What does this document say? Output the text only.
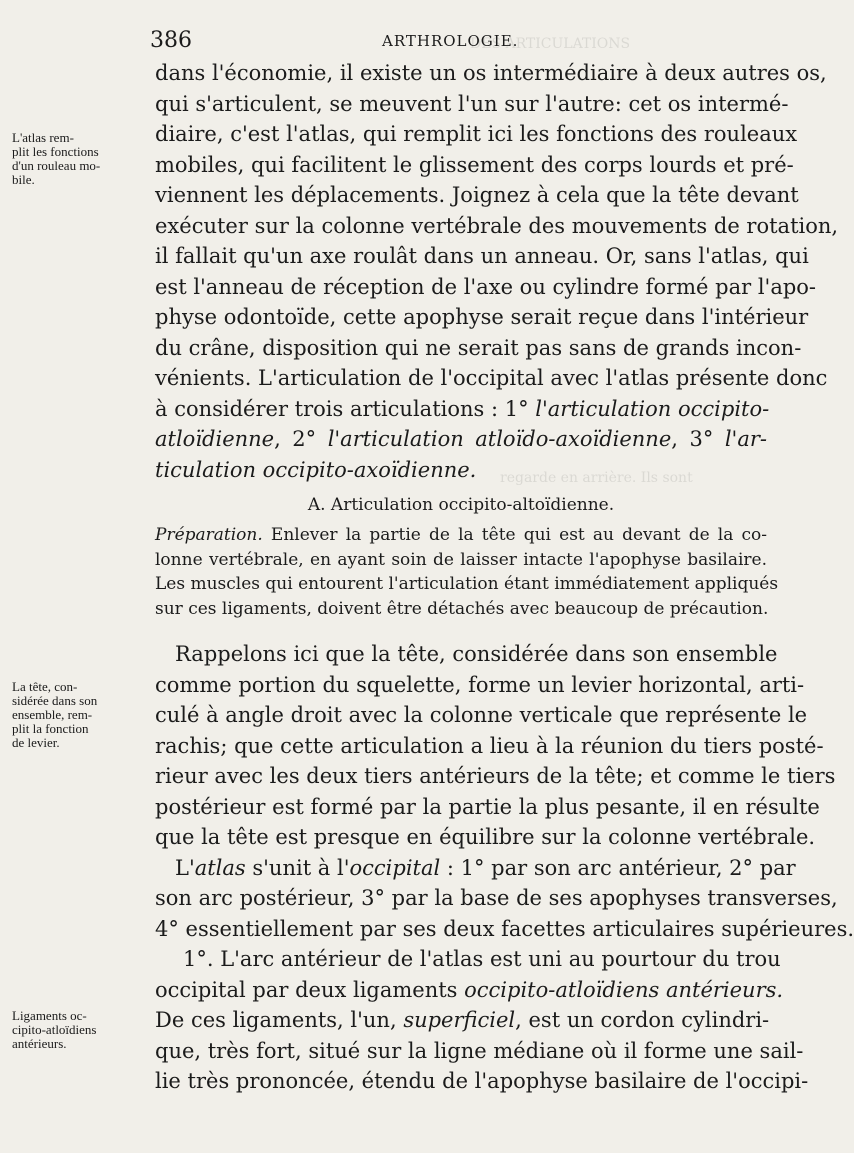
386	ARTHROLOGIE.
DES ARTICULATIONS
regarde en arrière. Ils sont
L'atlas rem-
plit les fonctions
d'un rouleau mo-
bile.
La tête, con-
sidérée dans son
ensemble, rem-
plit la fonction
de levier.
Ligaments oc-
cipito-atloïdiens
antérieurs.
dans l'économie, il existe un os intermédiaire à deux autres os,
qui s'articulent, se meuvent l'un sur l'autre: cet os intermé-
diaire, c'est l'atlas, qui remplit ici les fonctions des rouleaux
mobiles, qui facilitent le glissement des corps lourds et pré-
viennent les déplacements. Joignez à cela que la tête devant
exécuter sur la colonne vertébrale des mouvements de rotation,
il fallait qu'un axe roulât dans un anneau. Or, sans l'atlas, qui
est l'anneau de réception de l'axe ou cylindre formé par l'apo-
physe odontoïde, cette apophyse serait reçue dans l'intérieur
du crâne, disposition qui ne serait pas sans de grands incon-
vénients. L'articulation de l'occipital avec l'atlas présente donc
à considérer trois articulations : 1° l'articulation occipito-
atloïdienne, 2° l'articulation atloïdo-axoïdienne, 3° l'ar-
ticulation occipito-axoïdienne.
A. Articulation occipito-altoïdienne.
Préparation. Enlever la partie de la tête qui est au devant de la co-
lonne vertébrale, en ayant soin de laisser intacte l'apophyse basilaire.
Les muscles qui entourent l'articulation étant immédiatement appliqués
sur ces ligaments, doivent être détachés avec beaucoup de précaution.
Rappelons ici que la tête, considérée dans son ensemble
comme portion du squelette, forme un levier horizontal, arti-
culé à angle droit avec la colonne verticale que représente le
rachis; que cette articulation a lieu à la réunion du tiers posté-
rieur avec les deux tiers antérieurs de la tête; et comme le tiers
postérieur est formé par la partie la plus pesante, il en résulte
que la tête est presque en équilibre sur la colonne vertébrale.
L'atlas s'unit à l'occipital : 1° par son arc antérieur, 2° par
son arc postérieur, 3° par la base de ses apophyses transverses,
4° essentiellement par ses deux facettes articulaires supérieures.
1°. L'arc antérieur de l'atlas est uni au pourtour du trou
occipital par deux ligaments occipito-atloïdiens antérieurs.
De ces ligaments, l'un, superficiel, est un cordon cylindri-
que, très fort, situé sur la ligne médiane où il forme une sail-
lie très prononcée, étendu de l'apophyse basilaire de l'occipi-
